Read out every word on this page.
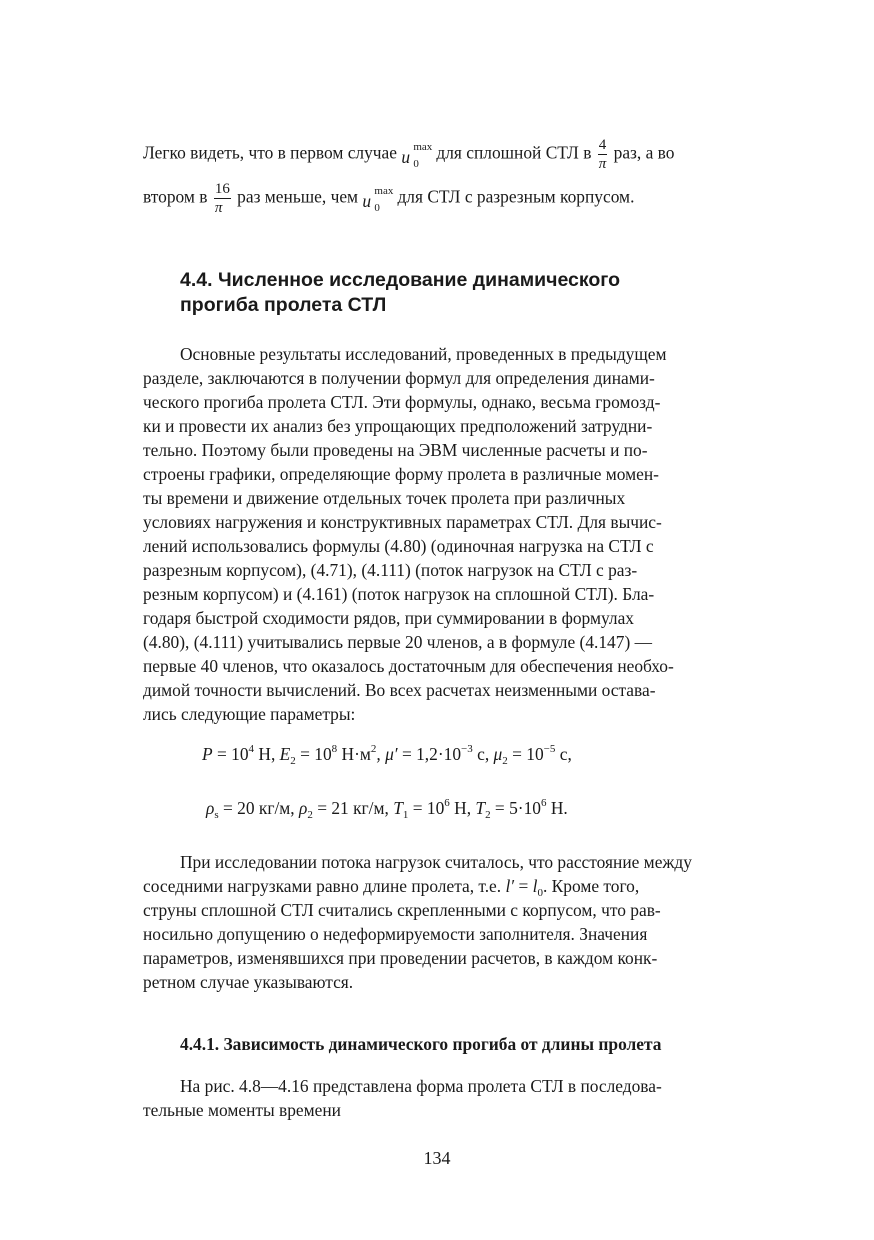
Легко видеть, что в первом случае u max
0
для сплошной СТЛ в $\frac{4}{\pi}$ раз, а во
втором в $\frac{16}{\pi}$ раз меньше, чем u max
0
для СТЛ с разрезным корпусом.
4.4. Численное исследование динамического
прогиба пролета СТЛ
Основные результаты исследований, проведенных в предыдущем
разделе, заключаются в получении формул для определения динами-
ческого прогиба пролета СТЛ. Эти формулы, однако, весьма громозд-
ки и провести их анализ без упрощающих предположений затрудни-
тельно. Поэтому были проведены на ЭВМ численные расчеты и по-
строены графики, определяющие форму пролета в различные момен-
ты времени и движение отдельных точек пролета при различных
условиях нагружения и конструктивных параметрах СТЛ. Для вычис-
лений использовались формулы (4.80) (одиночная нагрузка на СТЛ с
разрезным корпусом), (4.71), (4.111) (поток нагрузок на СТЛ с раз-
резным корпусом) и (4.161) (поток нагрузок на сплошной СТЛ). Бла-
годаря быстрой сходимости рядов, при суммировании в формулах
(4.80), (4.111) учитывались первые 20 членов, а в формуле (4.147) —
первые 40 членов, что оказалось достаточным для обеспечения необхо-
димой точности вычислений. Во всех расчетах неизменными остава-
лись следующие параметры:
$P = 10^4$ Н, $E_2 = 10^8$ $Н\cdot м^2$, $\mu' = 1,2\cdot 10^{-3}$ с, $\mu_2 = 10^{-5}$ с,
$\rho_s = 20$ кг/м, $\rho_2 = 21$ кг/м, $T_1 = 10^6$ Н, $T_2 = 5\cdot 10^6$ Н.
При исследовании потока нагрузок считалось, что расстояние между
соседними нагрузками равно длине пролета, т.е. $l' = l_0$. Кроме того,
струны сплошной СТЛ считались скрепленными с корпусом, что рав-
носильно допущению о недеформируемости заполнителя. Значения
параметров, изменявшихся при проведении расчетов, в каждом конк-
ретном случае указываются.
4.4.1. Зависимость динамического прогиба от длины пролета
На рис. 4.8—4.16 представлена форма пролета СТЛ в последова-
тельные моменты времени
134
